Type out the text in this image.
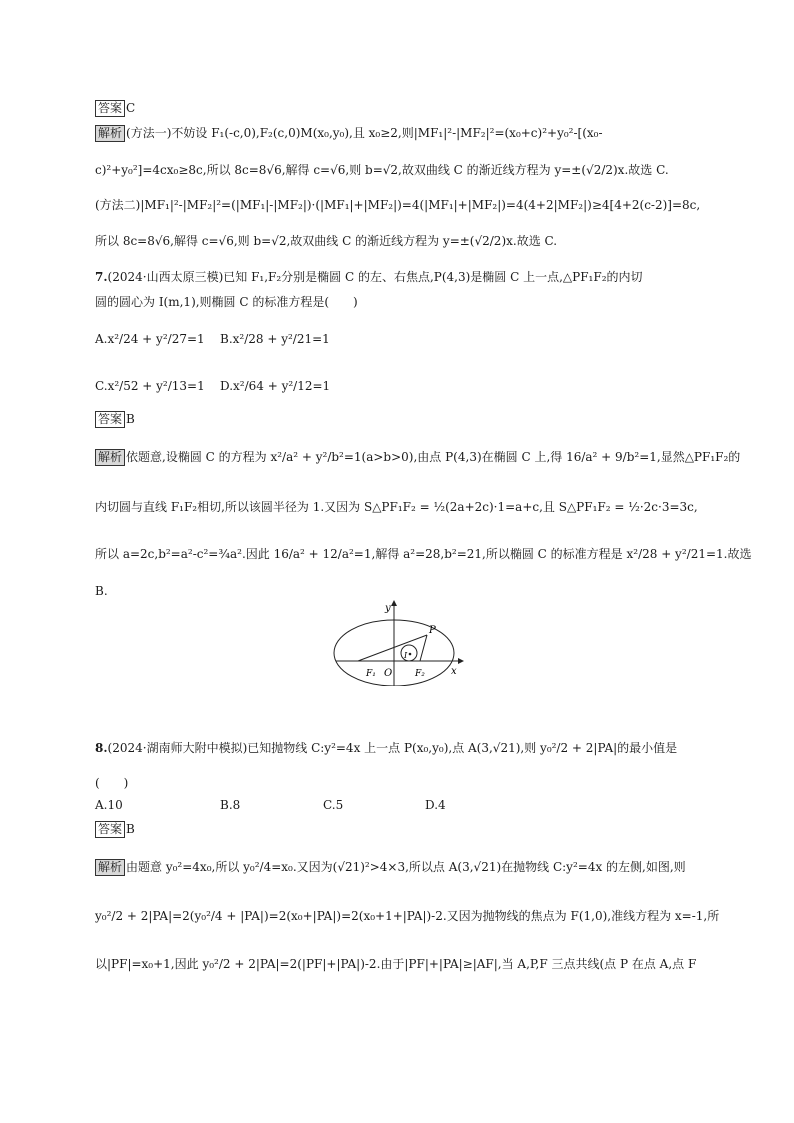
答案 C
解析 (方法一)不妨设 F₁(-c,0),F₂(c,0)M(x₀,y₀),且 x₀≥2,则|MF₁|²-|MF₂|²=(x₀+c)²+y₀²-[(x₀-
c)²+y₀²]=4cx₀≥8c,所以 8c=8√6,解得 c=√6,则 b=√2,故双曲线 C 的渐近线方程为 y=±(√2/2)x.故选 C.
(方法二)|MF₁|²-|MF₂|²=(|MF₁|-|MF₂|)·(|MF₁|+|MF₂|)=4(|MF₁|+|MF₂|)=4(4+2|MF₂|)≥4[4+2(c-2)]=8c,
所以 8c=8√6,解得 c=√6,则 b=√2,故双曲线 C 的渐近线方程为 y=±(√2/2)x.故选 C.
7.(2024·山西太原三模)已知 F₁,F₂分别是椭圆 C 的左、右焦点,P(4,3)是椭圆 C 上一点,△PF₁F₂的内切
圆的圆心为 I(m,1),则椭圆 C 的标准方程是(　　)
A.x²/24 + y²/27=1 B.x²/28 + y²/21=1
C.x²/52 + y²/13=1 D.x²/64 + y²/12=1
答案 B
解析 依题意,设椭圆 C 的方程为 x²/a² + y²/b²=1(a>b>0),由点 P(4,3)在椭圆 C 上,得 16/a² + 9/b²=1,显然△PF₁F₂的
内切圆与直线 F₁F₂相切,所以该圆半径为 1.又因为 S△PF₁F₂ = ½(2a+2c)·1=a+c,且 S△PF₁F₂ = ½·2c·3=3c,
所以 a=2c,b²=a²-c²=¾a².因此 16/a² + 12/a²=1,解得 a²=28,b²=21,所以椭圆 C 的标准方程是 x²/28 + y²/21=1.故选
B.
y
x
P
I
O
F₁	F₂
8.(2024·湖南师大附中模拟)已知抛物线 C:y²=4x 上一点 P(x₀,y₀),点 A(3,√21),则 y₀²/2 + 2|PA|的最小值是
(　　)
A.10	B.8	C.5	D.4
答案 B
解析 由题意 y₀²=4x₀,所以 y₀²/4=x₀.又因为(√21)²>4×3,所以点 A(3,√21)在抛物线 C:y²=4x 的左侧,如图,则
y₀²/2 + 2|PA|=2(y₀²/4 + |PA|)=2(x₀+|PA|)=2(x₀+1+|PA|)-2.又因为抛物线的焦点为 F(1,0),准线方程为 x=-1,所
以|PF|=x₀+1,因此 y₀²/2 + 2|PA|=2(|PF|+|PA|)-2.由于|PF|+|PA|≥|AF|,当 A,P,F 三点共线(点 P 在点 A,点 F
